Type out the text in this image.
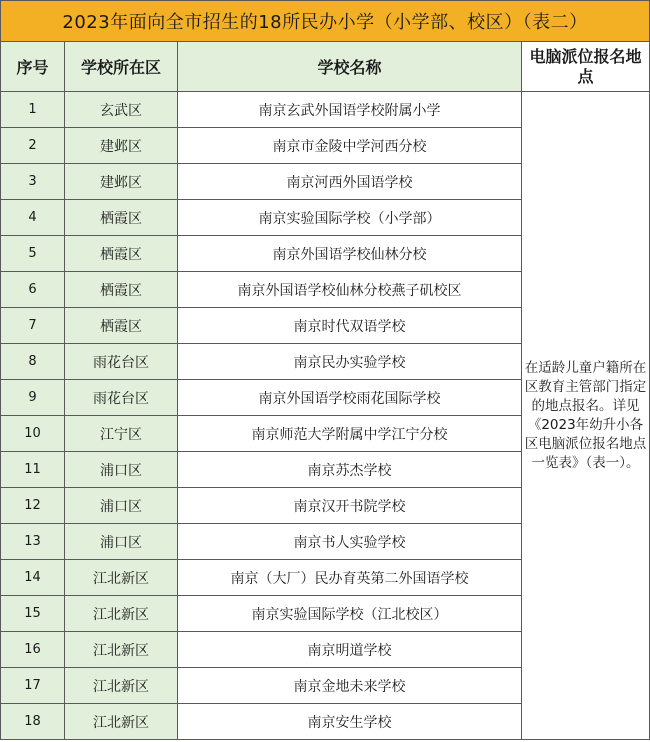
2023年面向全市招生的18所民办小学（小学部、校区）（表二）			
序号	学校所在区	学校名称	电脑派位报名地点
1	玄武区	南京玄武外国语学校附属小学	在适龄儿童户籍所在区教育主管部门指定的地点报名。详见《2023年幼升小各区电脑派位报名地点一览表》（表一）。
2	建邺区	南京市金陵中学河西分校	
3	建邺区	南京河西外国语学校	
4	栖霞区	南京实验国际学校（小学部）	
5	栖霞区	南京外国语学校仙林分校	
6	栖霞区	南京外国语学校仙林分校燕子矶校区	
7	栖霞区	南京时代双语学校	
8	雨花台区	南京民办实验学校	
9	雨花台区	南京外国语学校雨花国际学校	
10	江宁区	南京师范大学附属中学江宁分校	
11	浦口区	南京苏杰学校	
12	浦口区	南京汉开书院学校	
13	浦口区	南京书人实验学校	
14	江北新区	南京（大厂）民办育英第二外国语学校	
15	江北新区	南京实验国际学校（江北校区）	
16	江北新区	南京明道学校	
17	江北新区	南京金地未来学校	
18	江北新区	南京安生学校	
